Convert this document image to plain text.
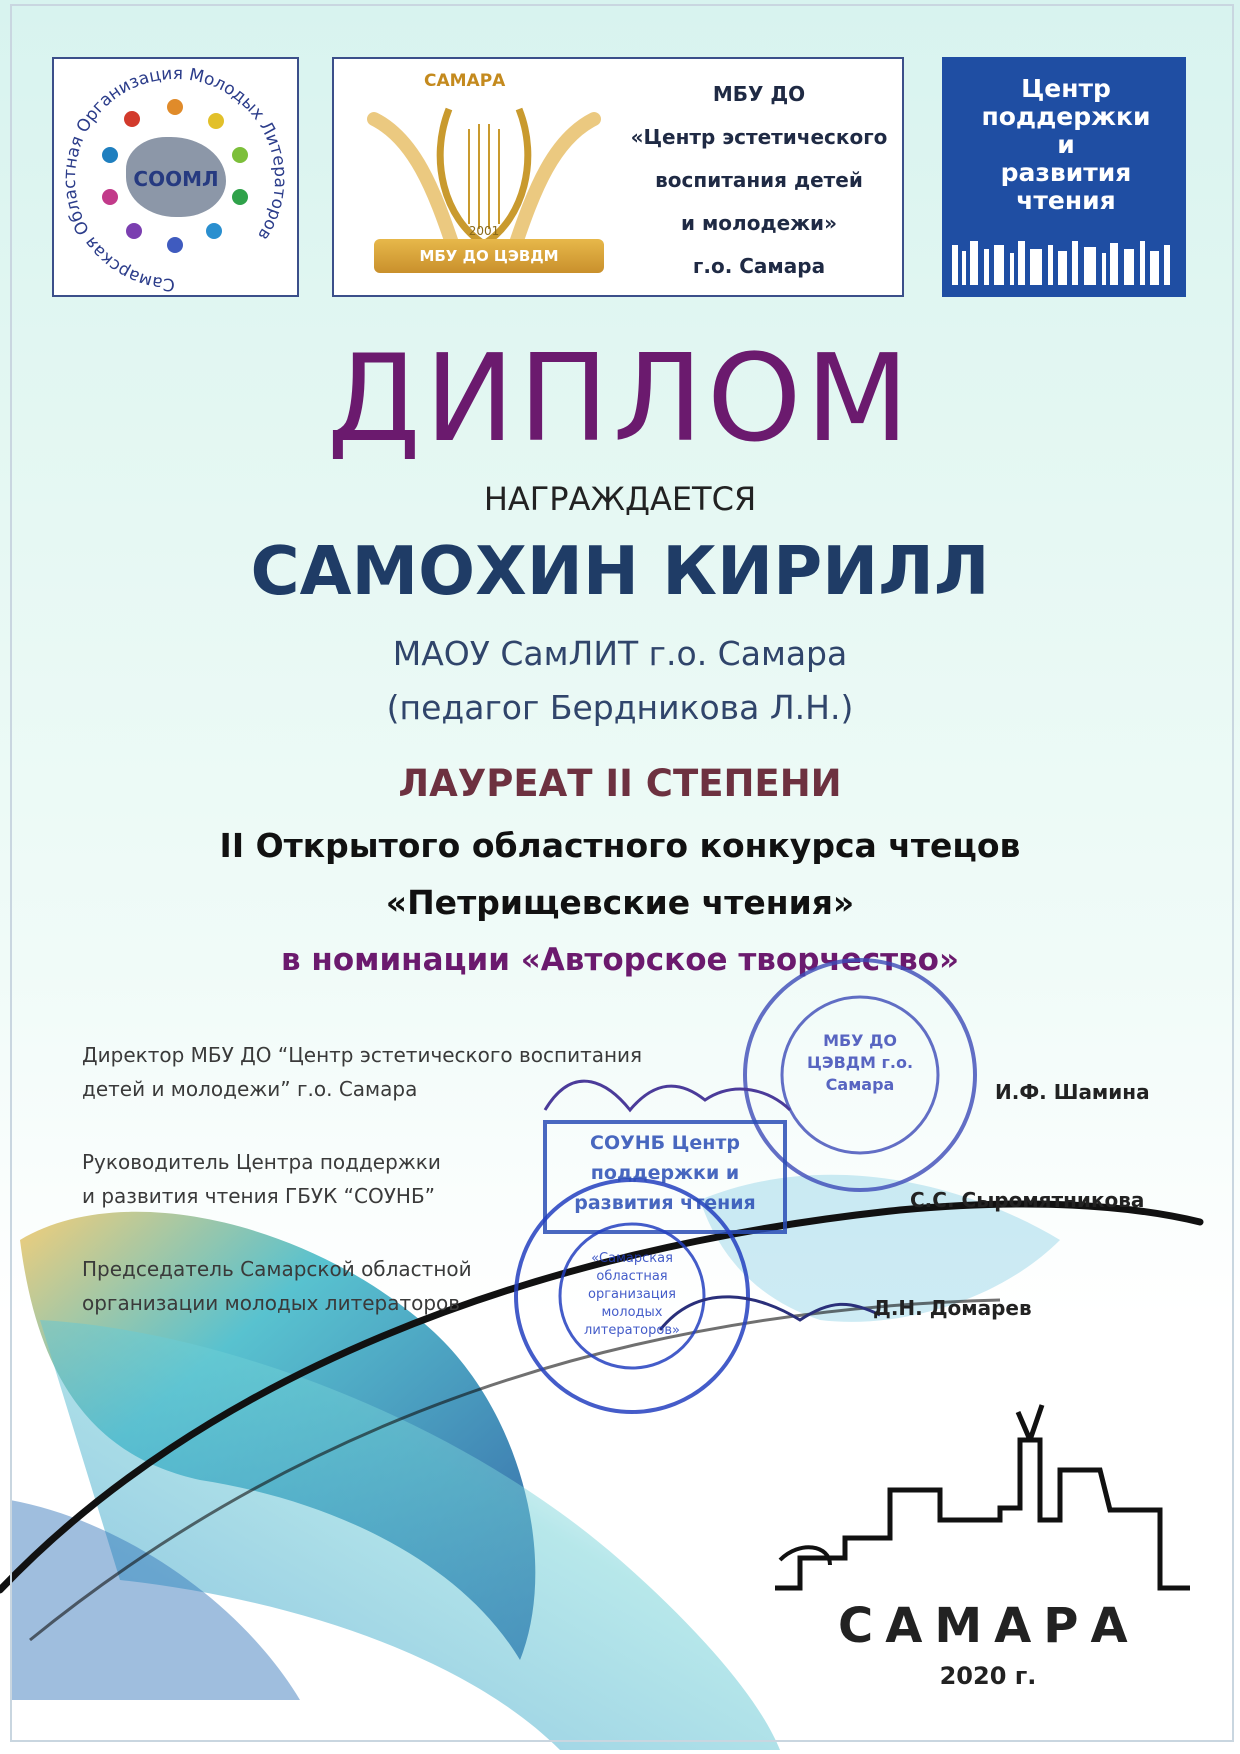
Самарская Областная Организация Молодых Литераторов
СООМЛ
2001
САМАРА
МБУ ДО ЦЭВДМ
МБУ ДО
«Центр эстетического
воспитания детей
и молодежи»
г.о. Самара
Центр
поддержки
и
развития
чтения
ДИПЛОМ
НАГРАЖДАЕТСЯ
САМОХИН КИРИЛЛ
МАОУ СамЛИТ г.о. Самара
(педагог Бердникова Л.Н.)
ЛАУРЕАТ II СТЕПЕНИ
II Открытого областного конкурса чтецов
«Петрищевские чтения»
в номинации «Авторское творчество»
МБУ ДО ЦЭВДМ г.о. Самара
СОУНБ Центр поддержки и развития чтения
«Самарская областная организация молодых литераторов»
Директор МБУ ДО “Центр эстетического воспитания
детей и молодежи” г.о. Самара	И.Ф. Шамина
Руководитель Центра поддержки
и развития чтения ГБУК “СОУНБ”	С.С. Сыромятникова
Председатель Самарской областной
организации молодых литераторов	Д.Н. Домарев
САМАРА
2020 г.
